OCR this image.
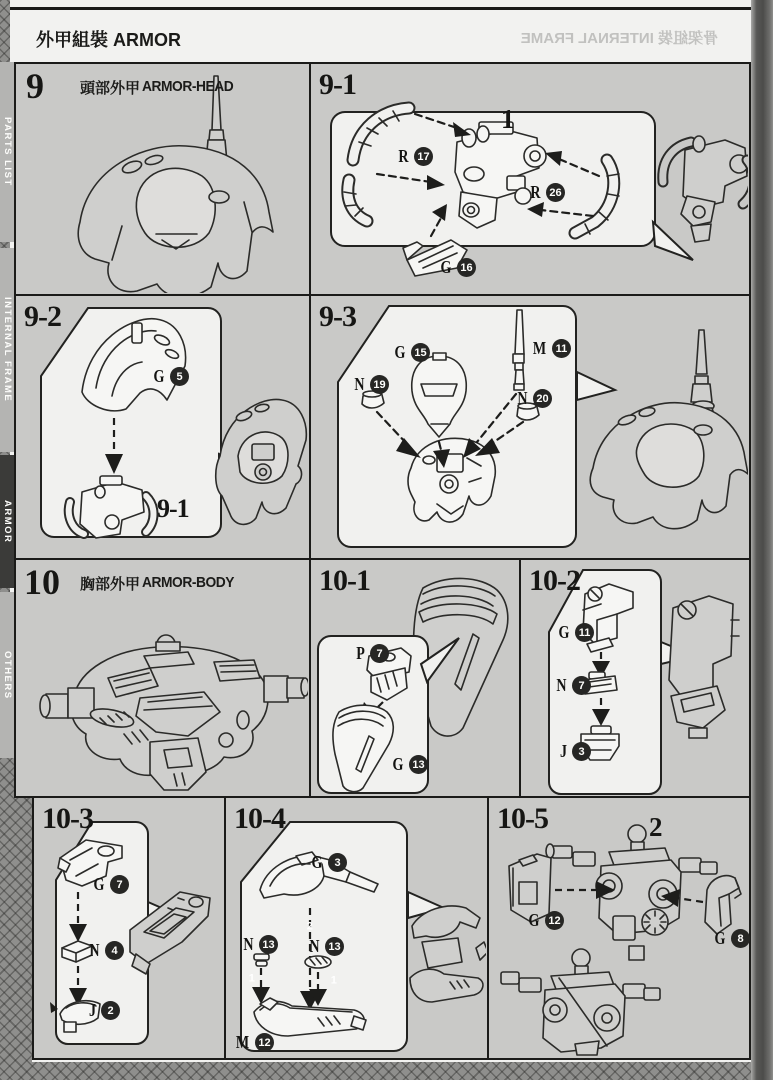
外甲組裝 ARMOR	骨架組裝 INTERNAL FRAME
PARTS LIST
INTERNAL FRAME
ARMOR
OTHERS
9 頭部外甲 ARMOR-HEAD	9-1
1
R 17
R 26
G 16
9-2
G	5
9-1
9-3
G 15	M 11
N 19
N 20
10 胸部外甲 ARMOR-BODY	10-1
P	7
G 13
10-2
G 11
N	7
J	3
10-3
G	7
N	4
J	2
10-4
G	3
N 13 N 13
M 12
2
1	1
10-5	2
G 12
G	8
